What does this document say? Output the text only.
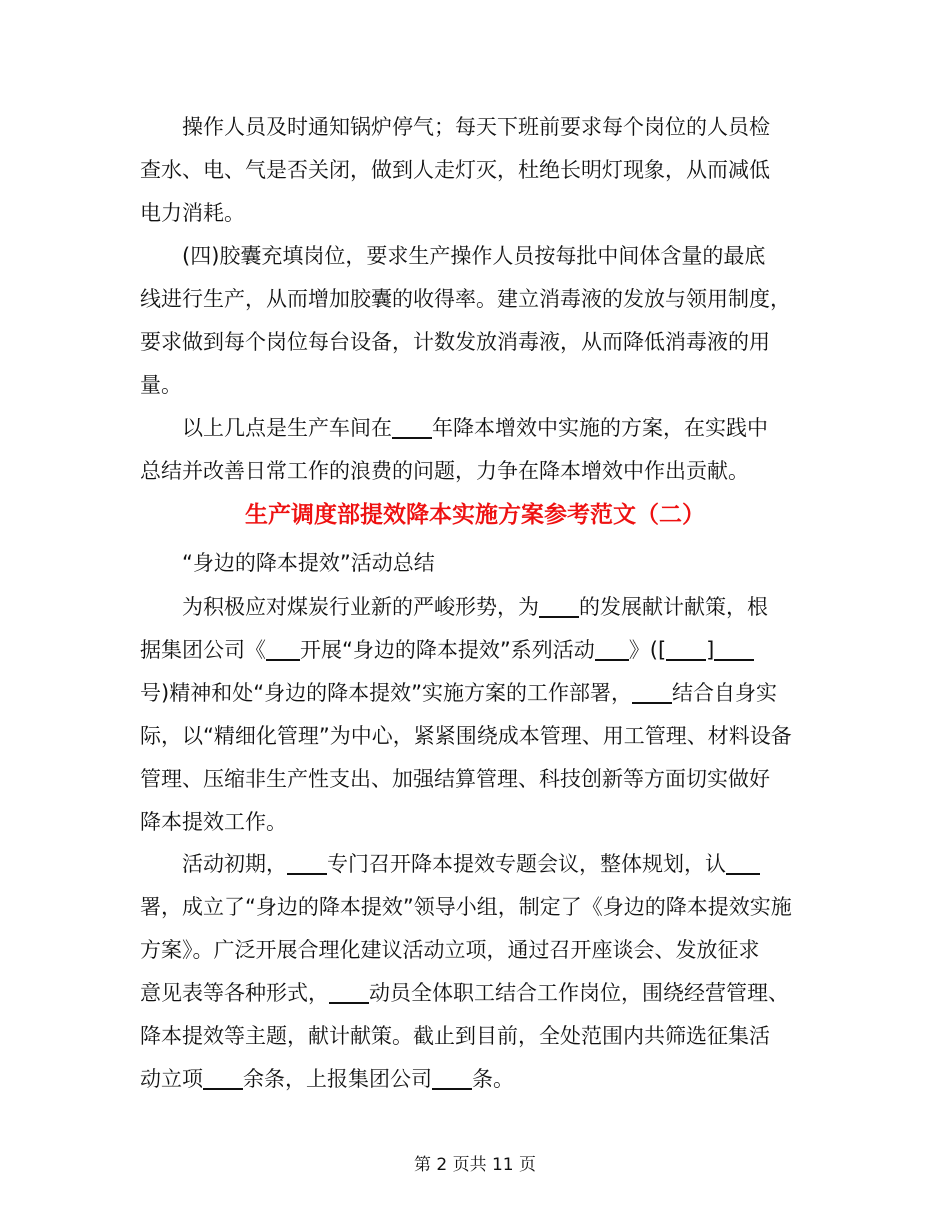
　　操作人员及时通知锅炉停气；每天下班前要求每个岗位的人员检
查水、电、气是否关闭，做到人走灯灭，杜绝长明灯现象，从而减低
电力消耗。
　　(四)胶囊充填岗位，要求生产操作人员按每批中间体含量的最底
线进行生产，从而增加胶囊的收得率。建立消毒液的发放与领用制度，
要求做到每个岗位每台设备，计数发放消毒液，从而降低消毒液的用
量。
　　以上几点是生产车间在 年降本增效中实施的方案，在实践中
总结并改善日常工作的浪费的问题，力争在降本增效中作出贡献。
生产调度部提效降本实施方案参考范文（二）
　　“身边的降本提效”活动总结
　　为积极应对煤炭行业新的严峻形势，为 的发展献计献策，根
据集团公司《 开展“身边的降本提效”系列活动 》([ ]
号)精神和处“身边的降本提效”实施方案的工作部署， 结合自身实
际，以“精细化管理”为中心，紧紧围绕成本管理、用工管理、材料设备
管理、压缩非生产性支出、加强结算管理、科技创新等方面切实做好
降本提效工作。
　　活动初期， 专门召开降本提效专题会议，整体规划，认
署，成立了“身边的降本提效”领导小组，制定了《身边的降本提效实施
方案》。广泛开展合理化建议活动立项，通过召开座谈会、发放征求
意见表等各种形式， 动员全体职工结合工作岗位，围绕经营管理、
降本提效等主题，献计献策。截止到目前，全处范围内共筛选征集活
动立项 余条，上报集团公司 条。
第 2 页共 11 页
